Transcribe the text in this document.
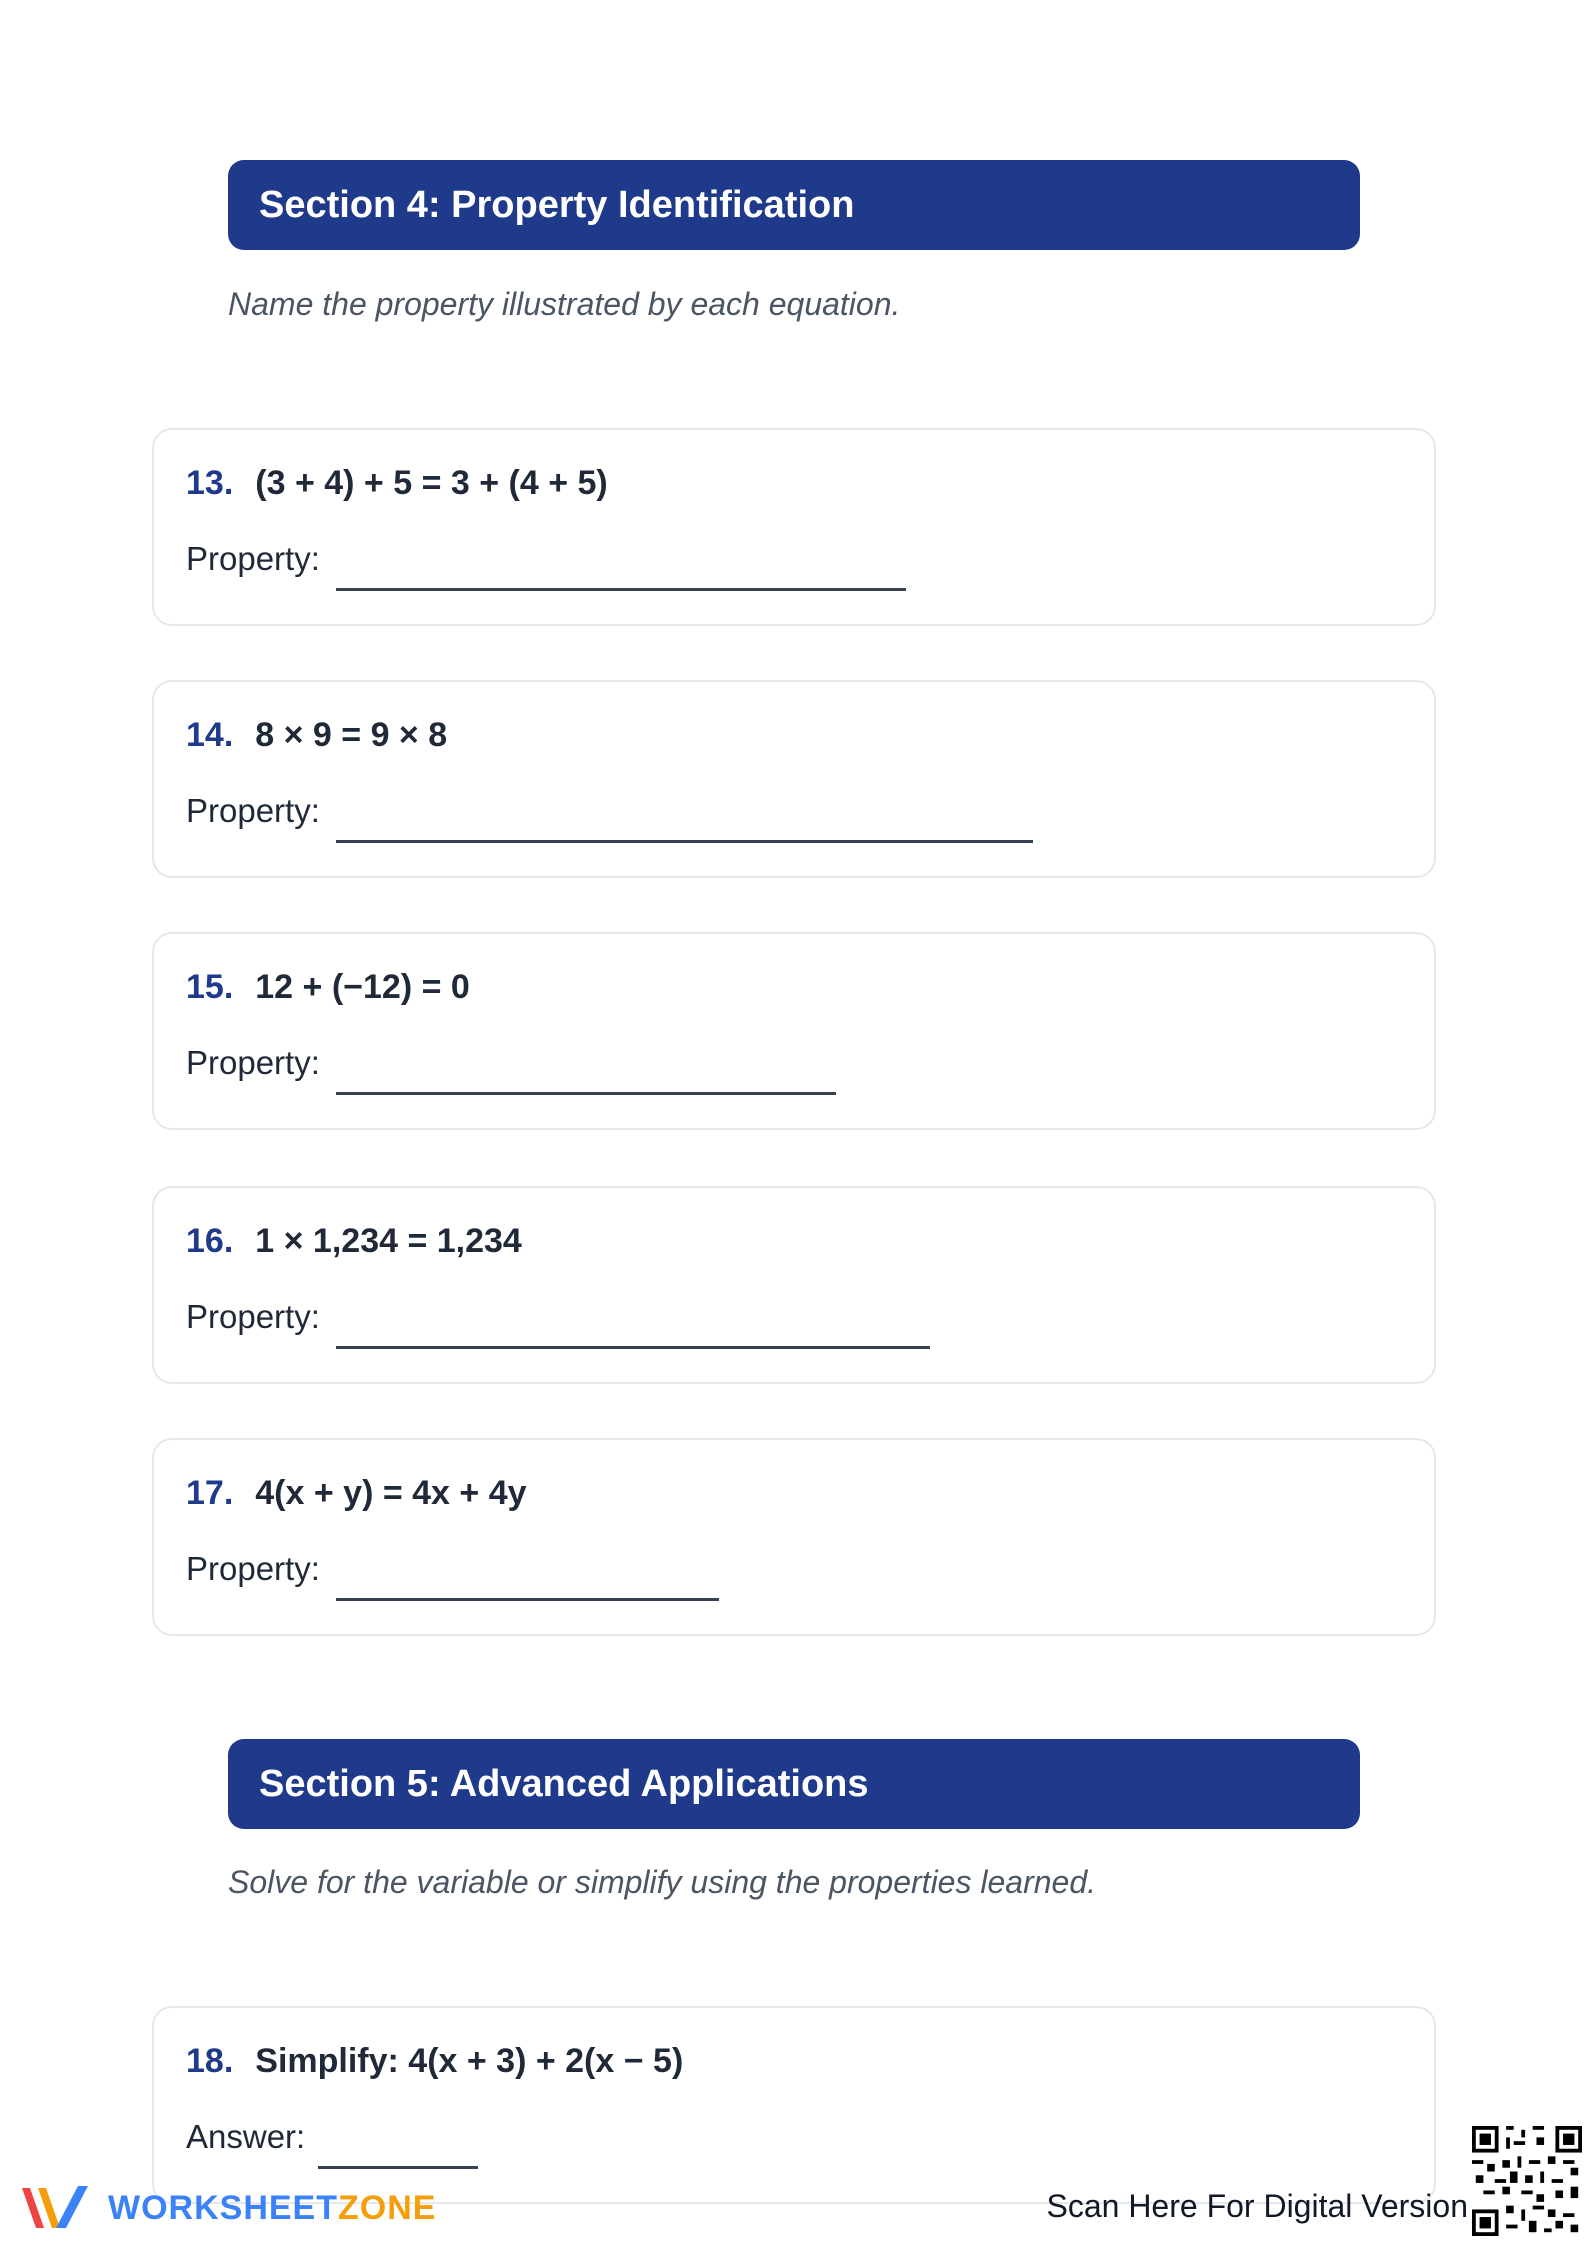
Section 4: Property Identification
Name the property illustrated by each equation.
13. (3 + 4) + 5 = 3 + (4 + 5)
Property:
14. 8 × 9 = 9 × 8
Property:
15. 12 + (−12) = 0
Property:
16. 1 × 1,234 = 1,234
Property:
17. 4(x + y) = 4x + 4y
Property:
Section 5: Advanced Applications
Solve for the variable or simplify using the properties learned.
18. Simplify: 4(x + 3) + 2(x − 5)
Answer:
WORKSHEETZONE	Scan Here For Digital Version
